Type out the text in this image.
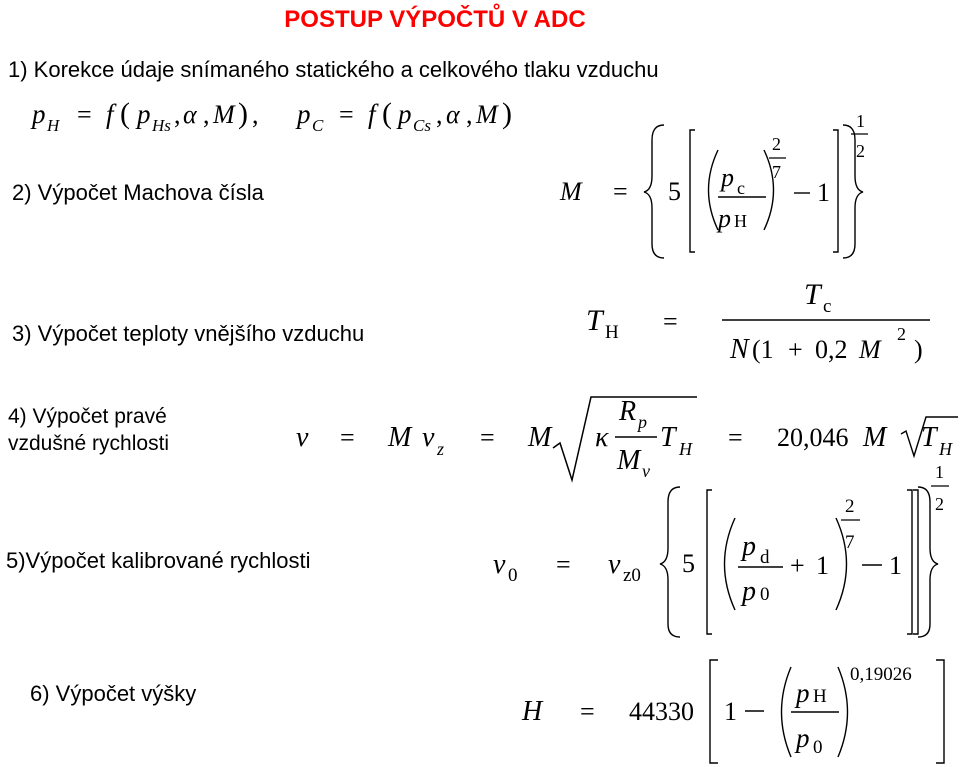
POSTUP VÝPOČTŮ V ADC
1) Korekce údaje snímaného statického a celkového tlaku vzduchu
2) Výpočet Machova čísla
3) Výpočet teploty vnějšího vzduchu
4) Výpočet pravé
vzdušné rychlosti
5)Výpočet kalibrované rychlosti
6) Výpočet výšky
p H = f ( p Hs , α , M ) , p C = f ( p Cs , α , M )
M = 5 p c
p H
2
7
1
1
2
T H =
T c
N (1 + 0,2 M
2
)
v = M v z = M κ
R p
M v
T H = 20,046 M T H
v 0 = v z0 5
p d
p 0
+ 1
2
7
1
1
2
H = 44330 1
p H
p 0
0,19026
